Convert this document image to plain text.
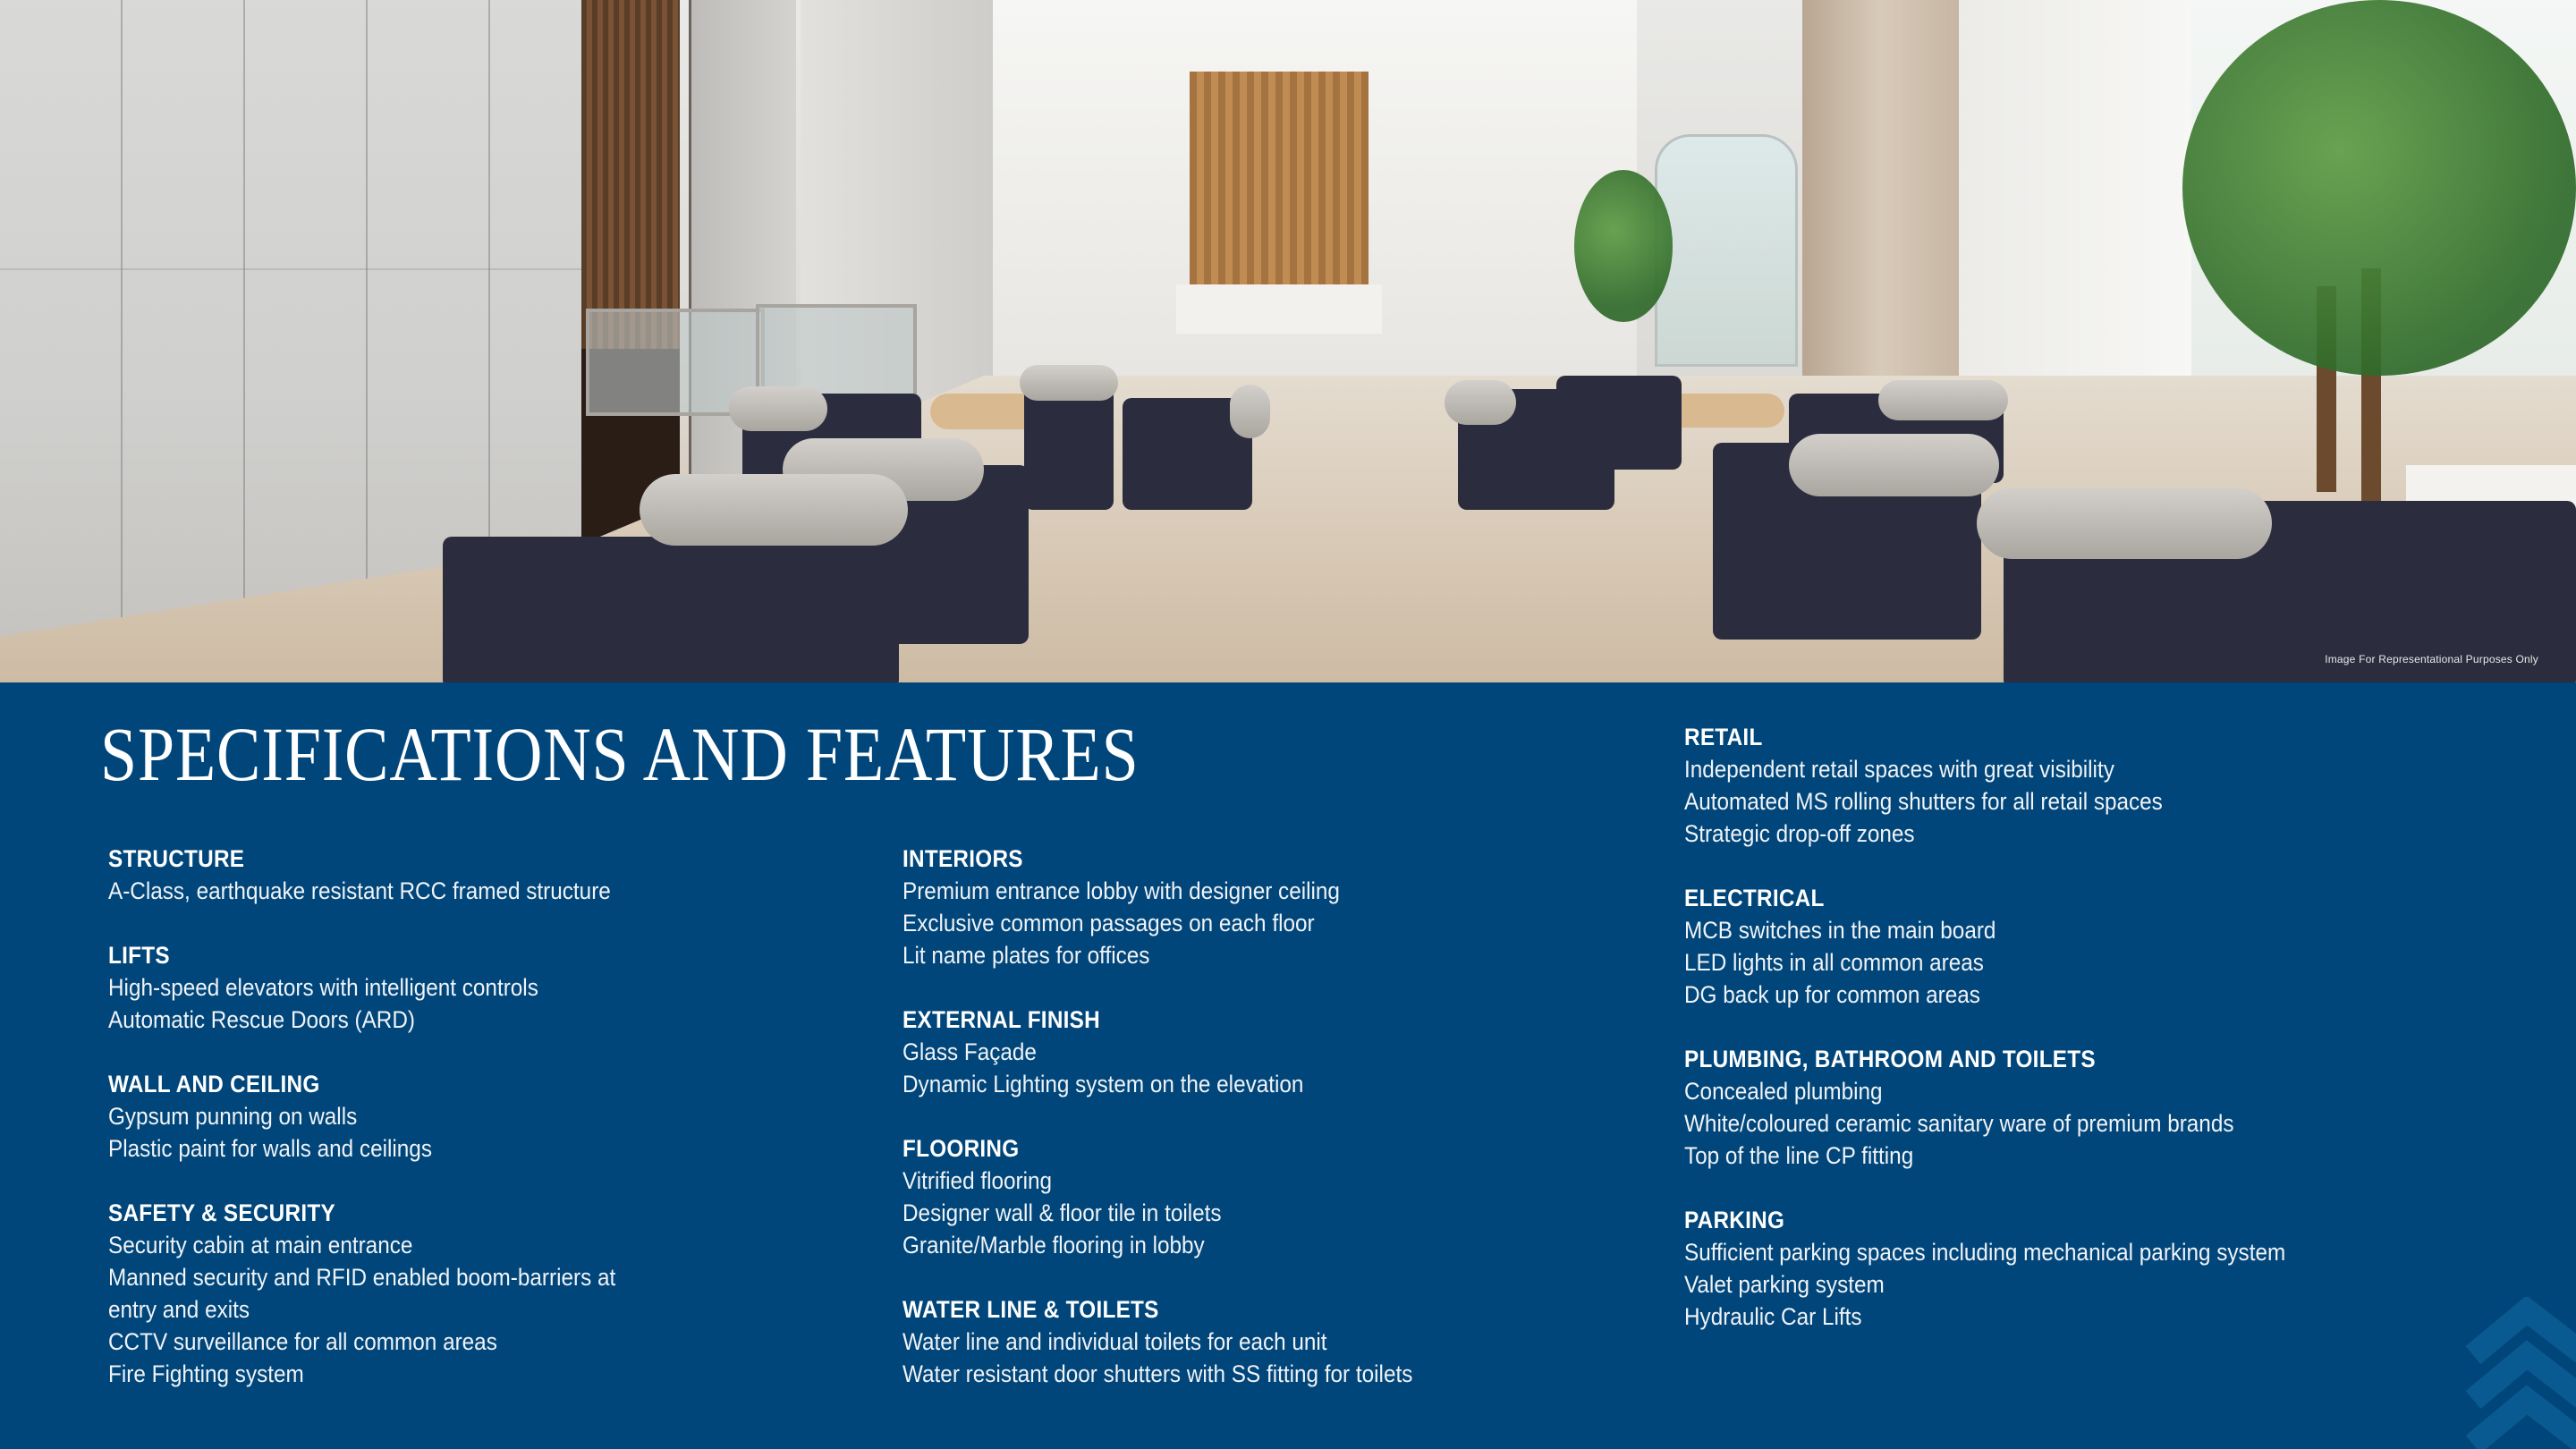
Image For Representational Purposes Only
SPECIFICATIONS AND FEATURES
STRUCTURE
A-Class, earthquake resistant RCC framed structure
LIFTS
High-speed elevators with intelligent controls
Automatic Rescue Doors (ARD)
WALL AND CEILING
Gypsum punning on walls
Plastic paint for walls and ceilings
SAFETY & SECURITY
Security cabin at main entrance
Manned security and RFID enabled boom-barriers at
entry and exits
CCTV surveillance for all common areas
Fire Fighting system
INTERIORS
Premium entrance lobby with designer ceiling
Exclusive common passages on each floor
Lit name plates for offices
EXTERNAL FINISH
Glass Façade
Dynamic Lighting system on the elevation
FLOORING
Vitrified flooring
Designer wall & floor tile in toilets
Granite/Marble flooring in lobby
WATER LINE & TOILETS
Water line and individual toilets for each unit
Water resistant door shutters with SS fitting for toilets
RETAIL
Independent retail spaces with great visibility
Automated MS rolling shutters for all retail spaces
Strategic drop-off zones
ELECTRICAL
MCB switches in the main board
LED lights in all common areas
DG back up for common areas
PLUMBING, BATHROOM AND TOILETS
Concealed plumbing
White/coloured ceramic sanitary ware of premium brands
Top of the line CP fitting
PARKING
Sufficient parking spaces including mechanical parking system
Valet parking system
Hydraulic Car Lifts
